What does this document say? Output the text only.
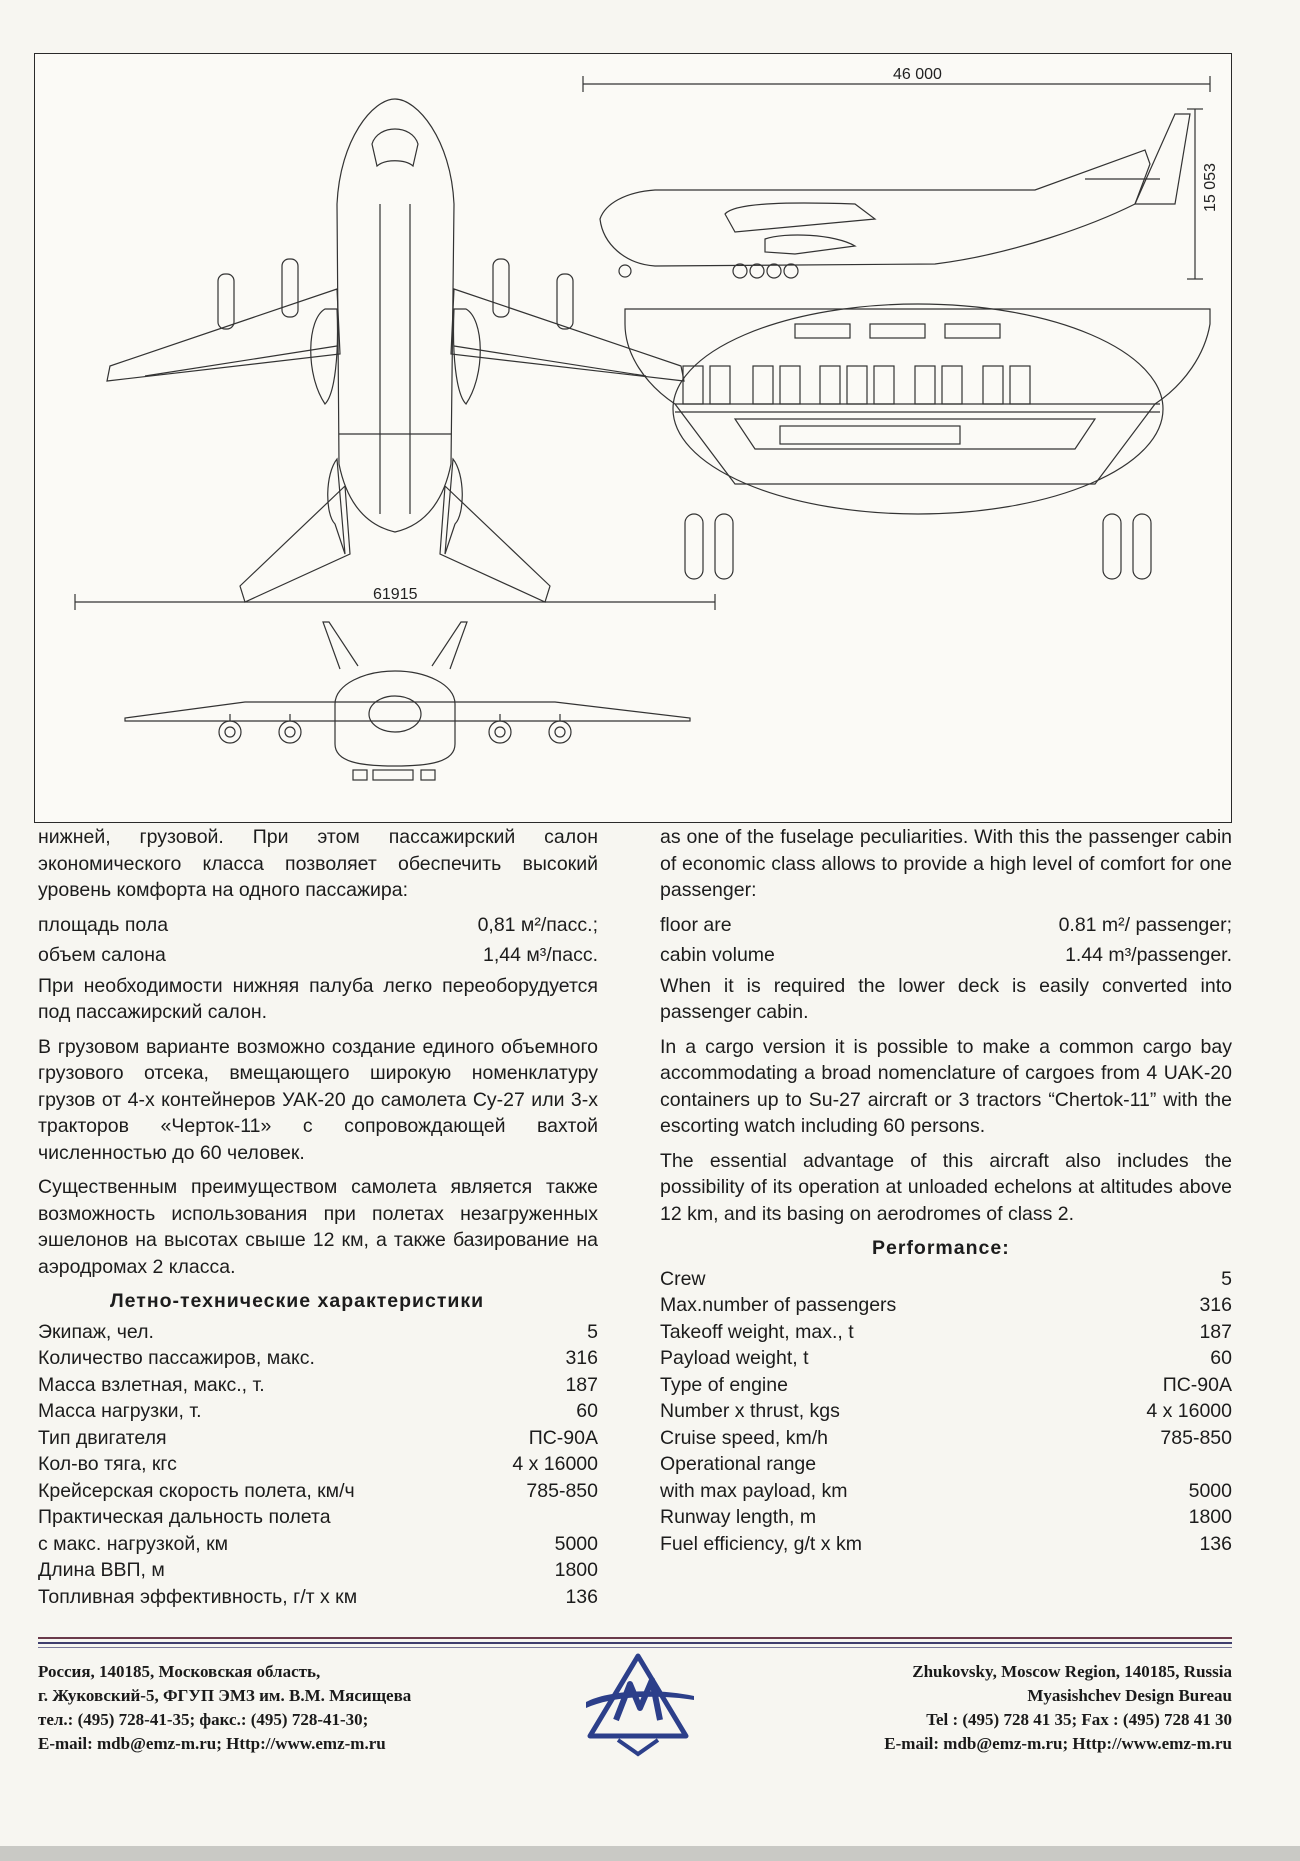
61915
46 000
15 053

нижней, грузовой. При этом пассажирский салон экономического класса позволяет обеспечить высокий уровень комфорта на одного пассажира:

площадь пола	0,81 м²/пасс.;
объем салона	1,44 м³/пасс.

При необходимости нижняя палуба легко переоборудуется под пассажирский салон.

В грузовом варианте возможно создание единого объемного грузового отсека, вмещающего широкую номенклатуру грузов от 4-х контейнеров УАК-20 до самолета Су-27 или 3-х тракторов «Черток-11» с сопровождающей вахтой численностью до 60 человек.

Существенным преимуществом самолета является также возможность использования при полетах незагруженных эшелонов на высотах свыше 12 км, а также базирование на аэродромах 2 класса.

Летно-технические характеристики
Экипаж, чел.	5
Количество пассажиров, макс.	316
Масса взлетная, макс., т.	187
Масса нагрузки, т.	60
Тип двигателя	ПС-90А
Кол-во тяга, кгс	4 х 16000
Крейсерская скорость полета, км/ч	785-850
Практическая дальность полета
с макс. нагрузкой, км	5000
Длина ВВП, м	1800
Топливная эффективность, г/т х км	136

as one of the fuselage peculiarities. With this the passenger cabin of economic class allows to provide a high level of comfort for one passenger:

floor are	0.81 m²/ passenger;
cabin volume	1.44 m³/passenger.

When it is required the lower deck is easily converted into passenger cabin.

In a cargo version it is possible to make a common cargo bay accommodating a broad nomenclature of cargoes from 4 UAK-20 containers up to Su-27 aircraft or 3 tractors “Chertok-11” with the escorting watch including 60 persons.

The essential advantage of this aircraft also includes the possibility of its operation at unloaded echelons at altitudes above 12 km, and its basing on aerodromes of class 2.

Performance:
Crew	5
Max.number of passengers	316
Takeoff weight, max., t	187
Payload weight, t	60
Type of engine	ПС-90А
Number x thrust, kgs	4 x 16000
Cruise speed, km/h	785-850
Operational range
with max payload, km	5000
Runway length, m	1800
Fuel efficiency, g/t x km	136
Россия, 140185, Московская область,
г. Жуковский-5, ФГУП ЭМЗ им. В.М. Мясищева
тел.: (495) 728-41-35; факс.: (495) 728-41-30;
E-mail: mdb@emz-m.ru; Http://www.emz-m.ru
Zhukovsky, Moscow Region, 140185, Russia
Myasishchev Design Bureau
Tel : (495) 728 41 35; Fax : (495) 728 41 30
E-mail: mdb@emz-m.ru; Http://www.emz-m.ru
